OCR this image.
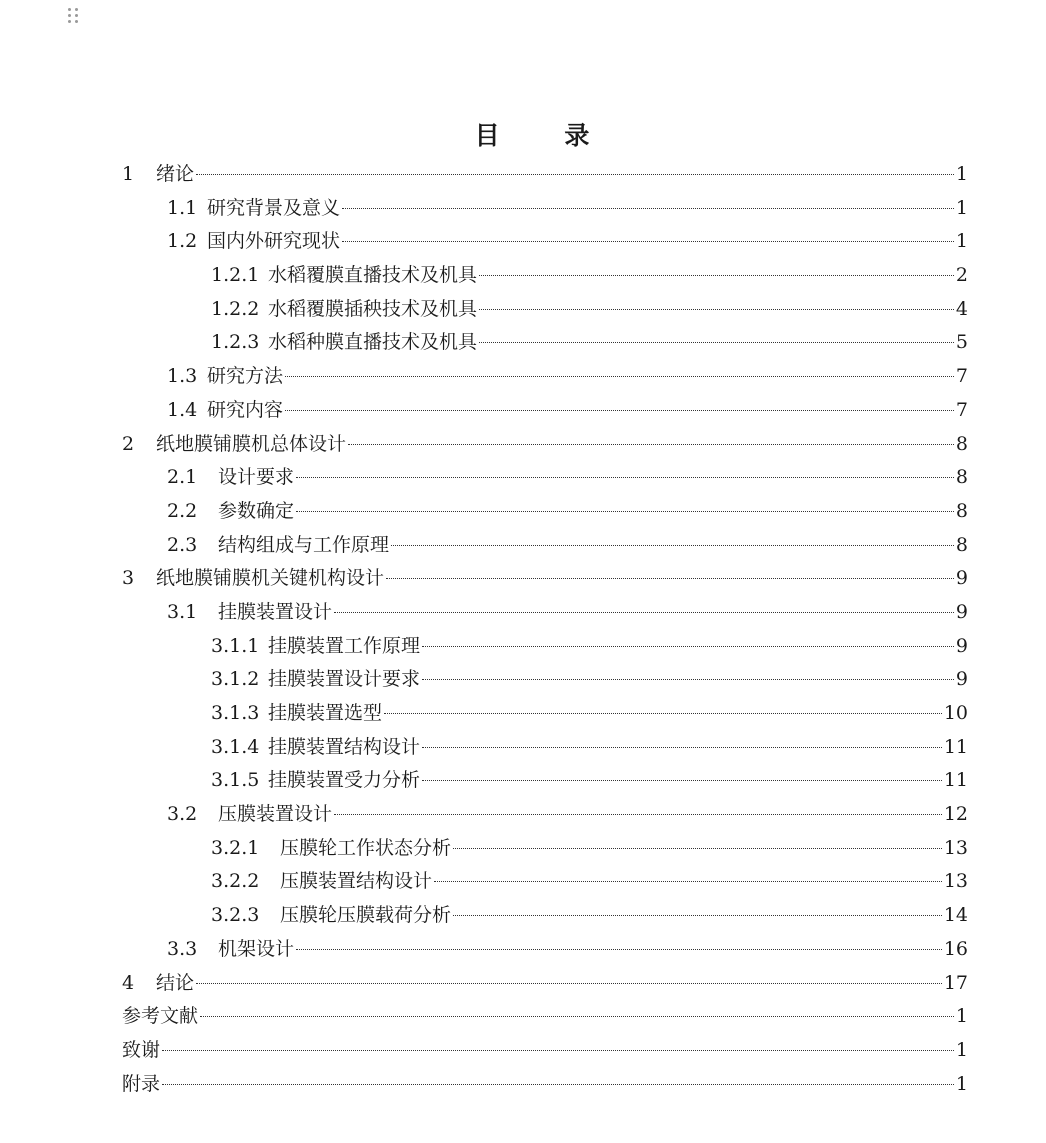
目 录
1	绪论	1
1.1 研究背景及意义	1
1.2 国内外研究现状	1
1.2.1 水稻覆膜直播技术及机具	2
1.2.2 水稻覆膜插秧技术及机具	4
1.2.3 水稻种膜直播技术及机具	5
1.3 研究方法	7
1.4 研究内容	7
2	纸地膜铺膜机总体设计	8
2.1	设计要求	8
2.2	参数确定	8
2.3	结构组成与工作原理	8
3	纸地膜铺膜机关键机构设计	9
3.1	挂膜装置设计	9
3.1.1 挂膜装置工作原理	9
3.1.2 挂膜装置设计要求	9
3.1.3 挂膜装置选型	10
3.1.4 挂膜装置结构设计	11
3.1.5 挂膜装置受力分析	11
3.2	压膜装置设计	12
3.2.1	压膜轮工作状态分析	13
3.2.2	压膜装置结构设计	13
3.2.3	压膜轮压膜载荷分析	14
3.3	机架设计	16
4	结论	17
参考文献	1
致谢	1
附录	1
